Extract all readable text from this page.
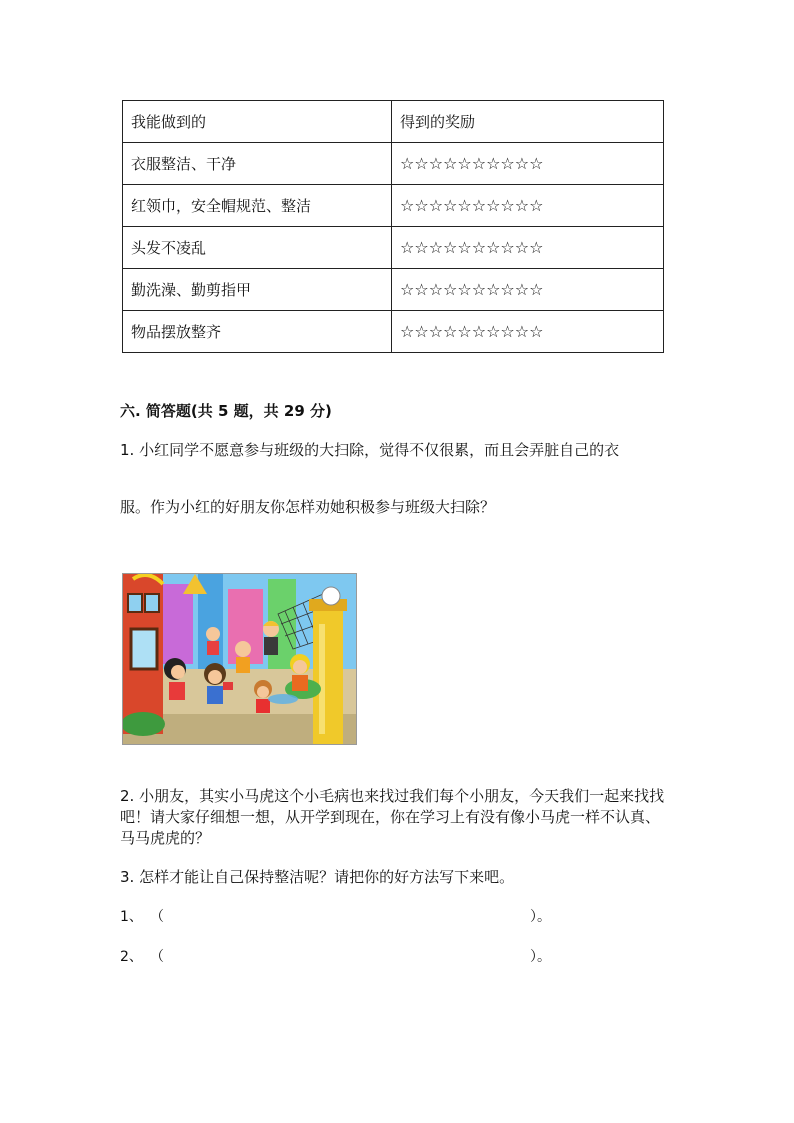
我能做到的	得到的奖励
衣服整洁、干净	☆☆☆☆☆☆☆☆☆☆
红领巾，安全帽规范、整洁	☆☆☆☆☆☆☆☆☆☆
头发不凌乱	☆☆☆☆☆☆☆☆☆☆
勤洗澡、勤剪指甲	☆☆☆☆☆☆☆☆☆☆
物品摆放整齐	☆☆☆☆☆☆☆☆☆☆
六. 简答题(共 5 题，共 29 分)
1. 小红同学不愿意参与班级的大扫除，觉得不仅很累，而且会弄脏自己的衣
服。作为小红的好朋友你怎样劝她积极参与班级大扫除？
2. 小朋友，其实小马虎这个小毛病也来找过我们每个小朋友，今天我们一起来找找吧！请大家仔细想一想，从开学到现在，你在学习上有没有像小马虎一样不认真、马马虎虎的？
3. 怎样才能让自己保持整洁呢？请把你的好方法写下来吧。
1、 （	）。
2、 （	）。
